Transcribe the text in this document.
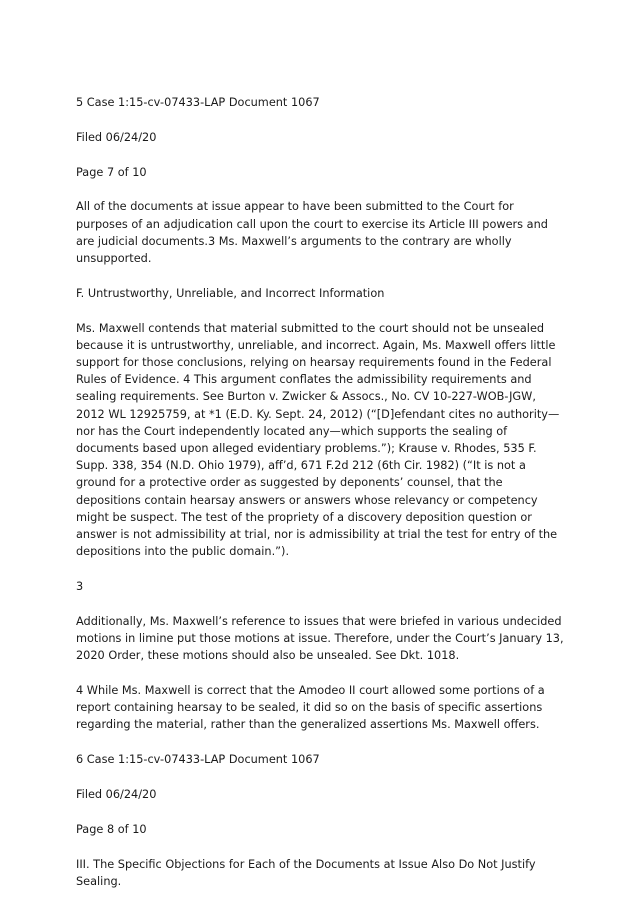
5 Case 1:15-cv-07433-LAP Document 1067

Filed 06/24/20

Page 7 of 10

All of the documents at issue appear to have been submitted to the Court for purposes of an adjudication call upon the court to exercise its Article III powers and are judicial documents.3 Ms. Maxwell’s arguments to the contrary are wholly unsupported.

F. Untrustworthy, Unreliable, and Incorrect Information

Ms. Maxwell contends that material submitted to the court should not be unsealed because it is untrustworthy, unreliable, and incorrect. Again, Ms. Maxwell offers little support for those conclusions, relying on hearsay requirements found in the Federal Rules of Evidence. 4 This argument conflates the admissibility requirements and sealing requirements. See Burton v. Zwicker & Assocs., No. CV 10-227-WOB-JGW, 2012 WL 12925759, at *1 (E.D. Ky. Sept. 24, 2012) (“[D]efendant cites no authority—nor has the Court independently located any—which supports the sealing of documents based upon alleged evidentiary problems.”); Krause v. Rhodes, 535 F. Supp. 338, 354 (N.D. Ohio 1979), aff’d, 671 F.2d 212 (6th Cir. 1982) (“It is not a ground for a protective order as suggested by deponents’ counsel, that the depositions contain hearsay answers or answers whose relevancy or competency might be suspect. The test of the propriety of a discovery deposition question or answer is not admissibility at trial, nor is admissibility at trial the test for entry of the depositions into the public domain.”).

3

Additionally, Ms. Maxwell’s reference to issues that were briefed in various undecided motions in limine put those motions at issue. Therefore, under the Court’s January 13, 2020 Order, these motions should also be unsealed. See Dkt. 1018.

4 While Ms. Maxwell is correct that the Amodeo II court allowed some portions of a report containing hearsay to be sealed, it did so on the basis of specific assertions regarding the material, rather than the generalized assertions Ms. Maxwell offers.

6 Case 1:15-cv-07433-LAP Document 1067

Filed 06/24/20

Page 8 of 10

III. The Specific Objections for Each of the Documents at Issue Also Do Not Justify Sealing.
